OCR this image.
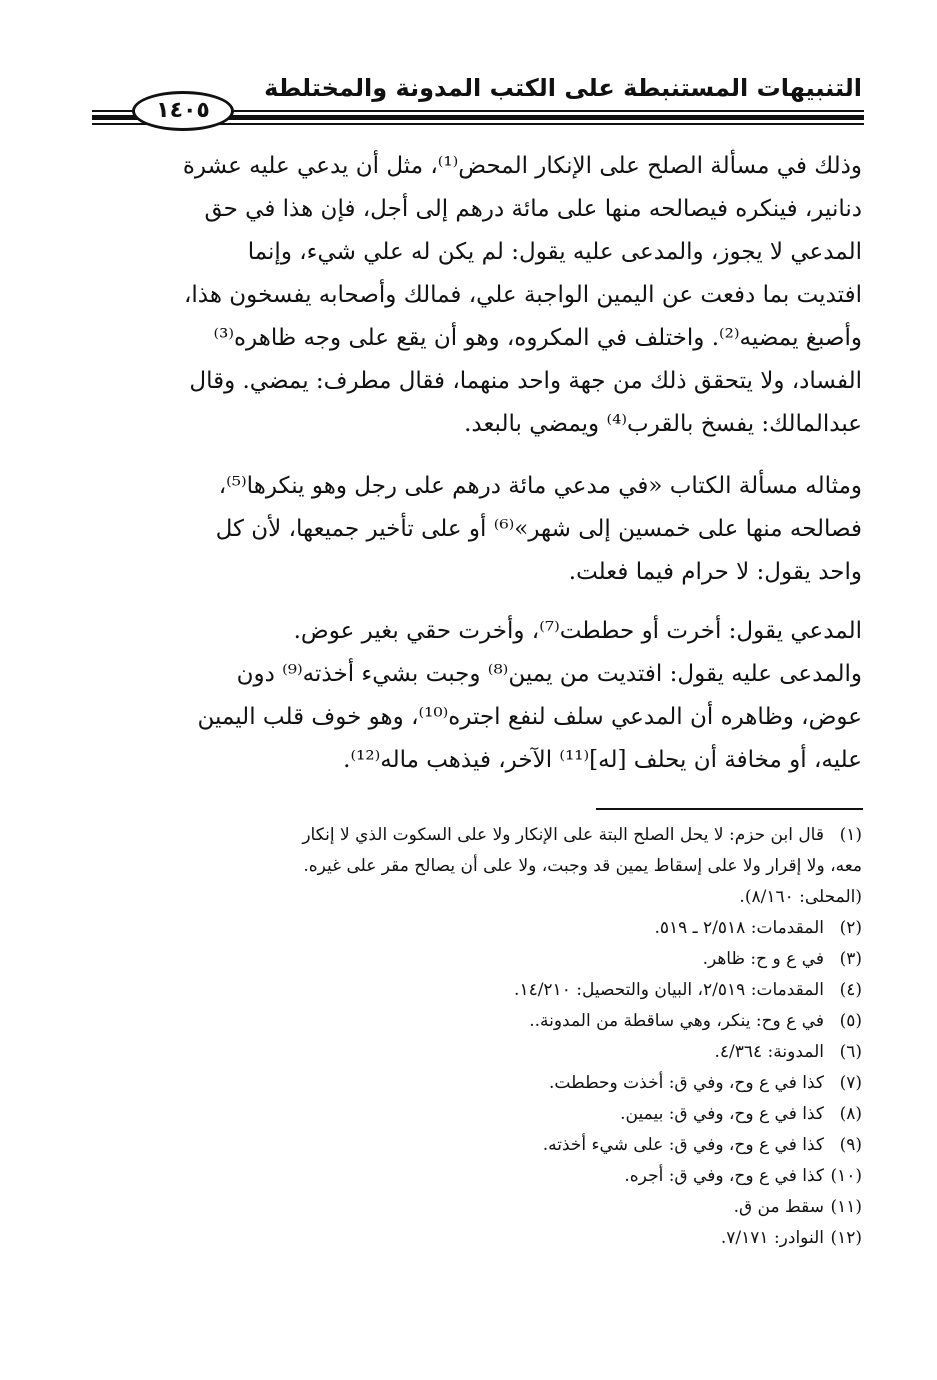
التنبيهات المستنبطة على الكتب المدونة والمختلطة
١٤٠٥
وذلك في مسألة الصلح على الإنكار المحض⁽¹⁾، مثل أن يدعي عليه عشرة
دنانير، فينكره فيصالحه منها على مائة درهم إلى أجل، فإن هذا في حق
المدعي لا يجوز، والمدعى عليه يقول: لم يكن له علي شيء، وإنما
افتديت بما دفعت عن اليمين الواجبة علي، فمالك وأصحابه يفسخون هذا،
وأصبغ يمضيه⁽²⁾. واختلف في المكروه، وهو أن يقع على وجه ظاهره⁽³⁾
الفساد، ولا يتحقق ذلك من جهة واحد منهما، فقال مطرف: يمضي. وقال
عبدالمالك: يفسخ بالقرب⁽⁴⁾ ويمضي بالبعد.
ومثاله مسألة الكتاب «في مدعي مائة درهم على رجل وهو ينكرها⁽⁵⁾،
فصالحه منها على خمسين إلى شهر»⁽⁶⁾ أو على تأخير جميعها، لأن كل
واحد يقول: لا حرام فيما فعلت.
المدعي يقول: أخرت أو حططت⁽⁷⁾، وأخرت حقي بغير عوض.
والمدعى عليه يقول: افتديت من يمين⁽⁸⁾ وجبت بشيء أخذته⁽⁹⁾ دون
عوض، وظاهره أن المدعي سلف لنفع اجتره⁽¹⁰⁾، وهو خوف قلب اليمين
عليه، أو مخافة أن يحلف [له]⁽¹¹⁾ الآخر، فيذهب ماله⁽¹²⁾.
(١)قال ابن حزم: لا يحل الصلح البتة على الإنكار ولا على السكوت الذي لا إنكار
معه، ولا إقرار ولا على إسقاط يمين قد وجبت، ولا على أن يصالح مقر على غيره.
(المحلى: ٨/١٦٠).
(٢)المقدمات: ٢/٥١٨ ـ ٥١٩.
(٣)في ع و ح: ظاهر.
(٤)المقدمات: ٢/٥١٩، البيان والتحصيل: ١٤/٢١٠.
(٥)في ع وح: ينكر، وهي ساقطة من المدونة..
(٦)المدونة: ٤/٣٦٤.
(٧)كذا في ع وح، وفي ق: أخذت وحططت.
(٨)كذا في ع وح، وفي ق: بيمين.
(٩)كذا في ع وح، وفي ق: على شيء أخذته.
(١٠)كذا في ع وح، وفي ق: أجره.
(١١)سقط من ق.
(١٢)النوادر: ٧/١٧١.
